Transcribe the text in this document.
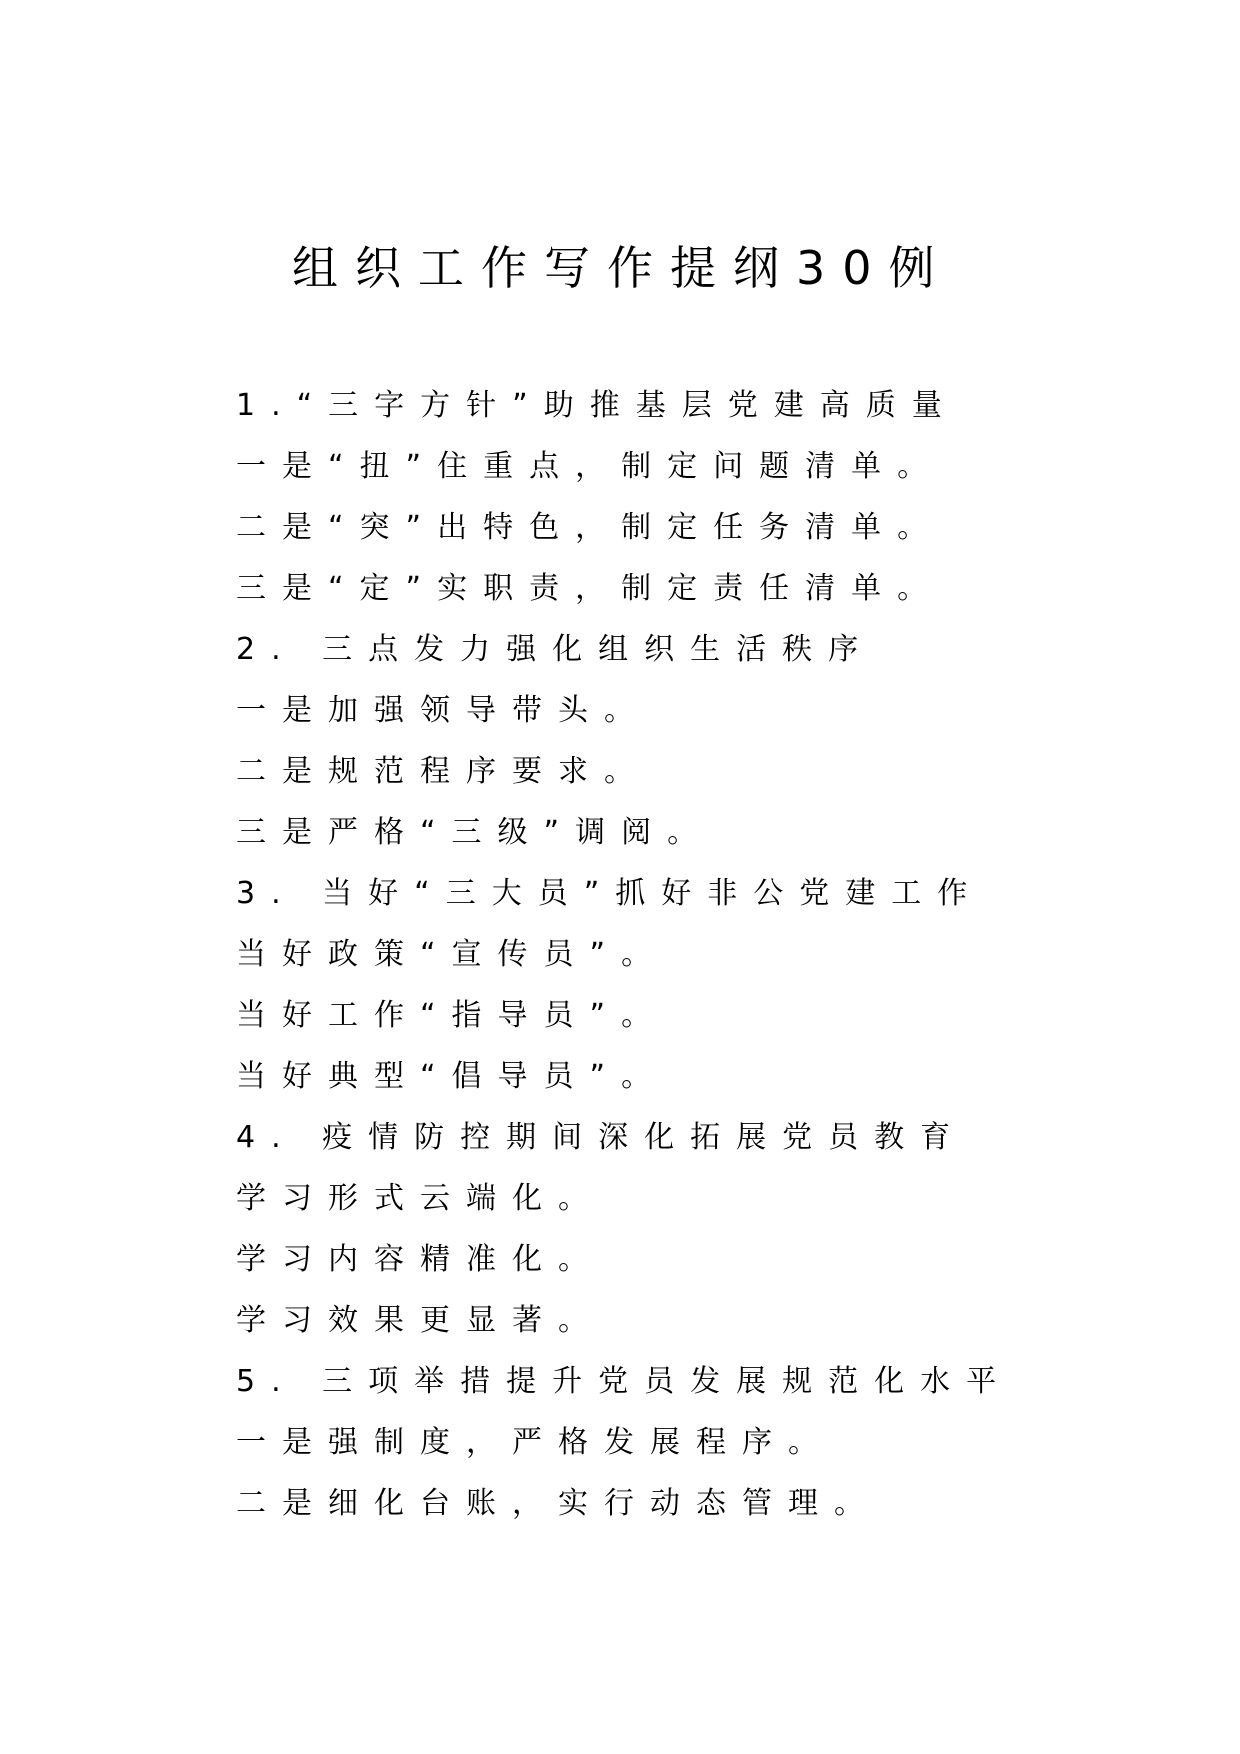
组织工作写作提纲30例
1.“三字方针”助推基层党建高质量
一是“扭”住重点，制定问题清单。
二是“突”出特色，制定任务清单。
三是“定”实职责，制定责任清单。
2. 三点发力强化组织生活秩序
一是加强领导带头。
二是规范程序要求。
三是严格“三级”调阅。
3. 当好“三大员”抓好非公党建工作
当好政策“宣传员”。
当好工作“指导员”。
当好典型“倡导员”。
4. 疫情防控期间深化拓展党员教育
学习形式云端化。
学习内容精准化。
学习效果更显著。
5. 三项举措提升党员发展规范化水平
一是强制度，严格发展程序。
二是细化台账，实行动态管理。
